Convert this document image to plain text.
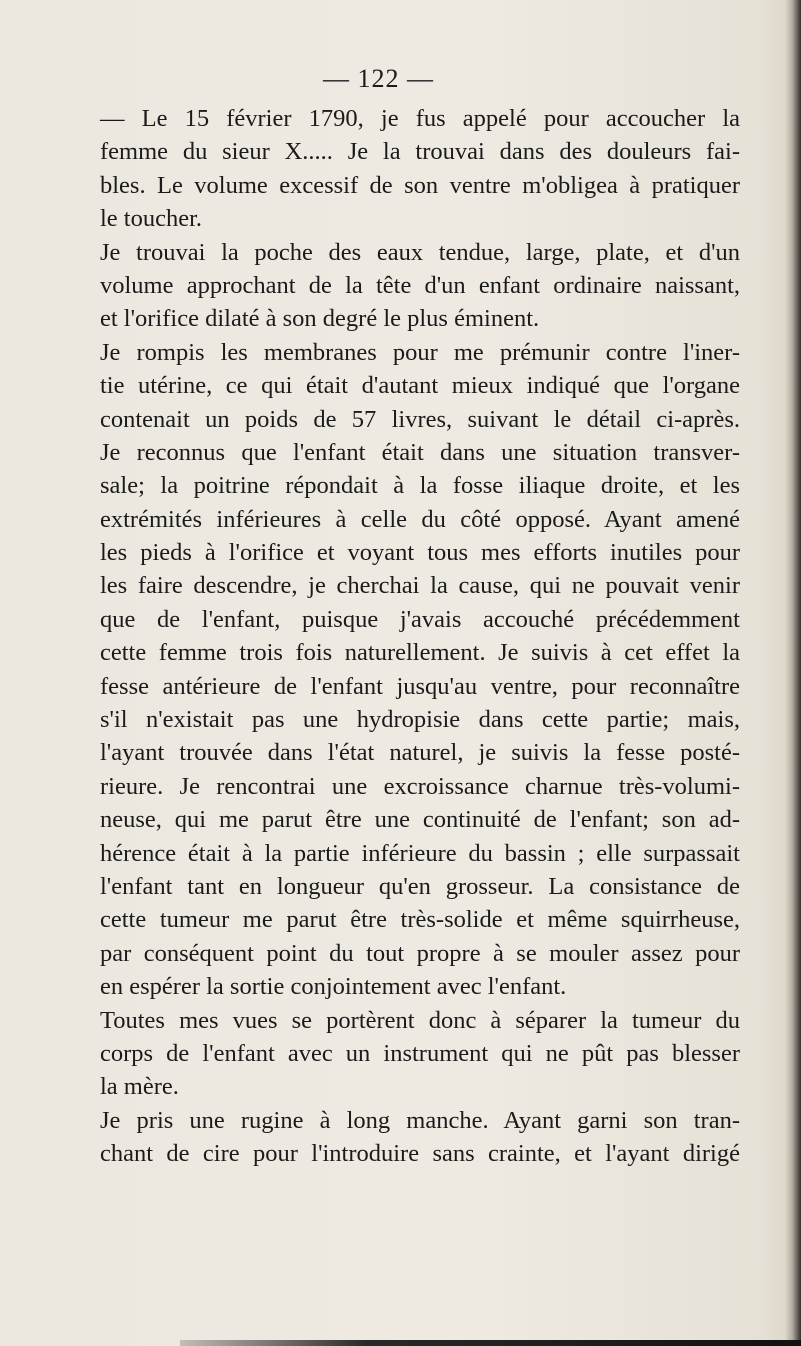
— 122 —
— Le 15 février 1790, je fus appelé pour accoucher la
femme du sieur X..... Je la trouvai dans des douleurs fai-
bles. Le volume excessif de son ventre m'obligea à pratiquer
le toucher.
Je trouvai la poche des eaux tendue, large, plate, et d'un
volume approchant de la tête d'un enfant ordinaire naissant,
et l'orifice dilaté à son degré le plus éminent.
Je rompis les membranes pour me prémunir contre l'iner-
tie utérine, ce qui était d'autant mieux indiqué que l'organe
contenait un poids de 57 livres, suivant le détail ci-après.
Je reconnus que l'enfant était dans une situation transver-
sale; la poitrine répondait à la fosse iliaque droite, et les
extrémités inférieures à celle du côté opposé. Ayant amené
les pieds à l'orifice et voyant tous mes efforts inutiles pour
les faire descendre, je cherchai la cause, qui ne pouvait venir
que de l'enfant, puisque j'avais accouché précédemment
cette femme trois fois naturellement. Je suivis à cet effet la
fesse antérieure de l'enfant jusqu'au ventre, pour reconnaître
s'il n'existait pas une hydropisie dans cette partie; mais,
l'ayant trouvée dans l'état naturel, je suivis la fesse posté-
rieure. Je rencontrai une excroissance charnue très-volumi-
neuse, qui me parut être une continuité de l'enfant; son ad-
hérence était à la partie inférieure du bassin ; elle surpassait
l'enfant tant en longueur qu'en grosseur. La consistance de
cette tumeur me parut être très-solide et même squirrheuse,
par conséquent point du tout propre à se mouler assez pour
en espérer la sortie conjointement avec l'enfant.
Toutes mes vues se portèrent donc à séparer la tumeur du
corps de l'enfant avec un instrument qui ne pût pas blesser
la mère.
Je pris une rugine à long manche. Ayant garni son tran-
chant de cire pour l'introduire sans crainte, et l'ayant dirigé
